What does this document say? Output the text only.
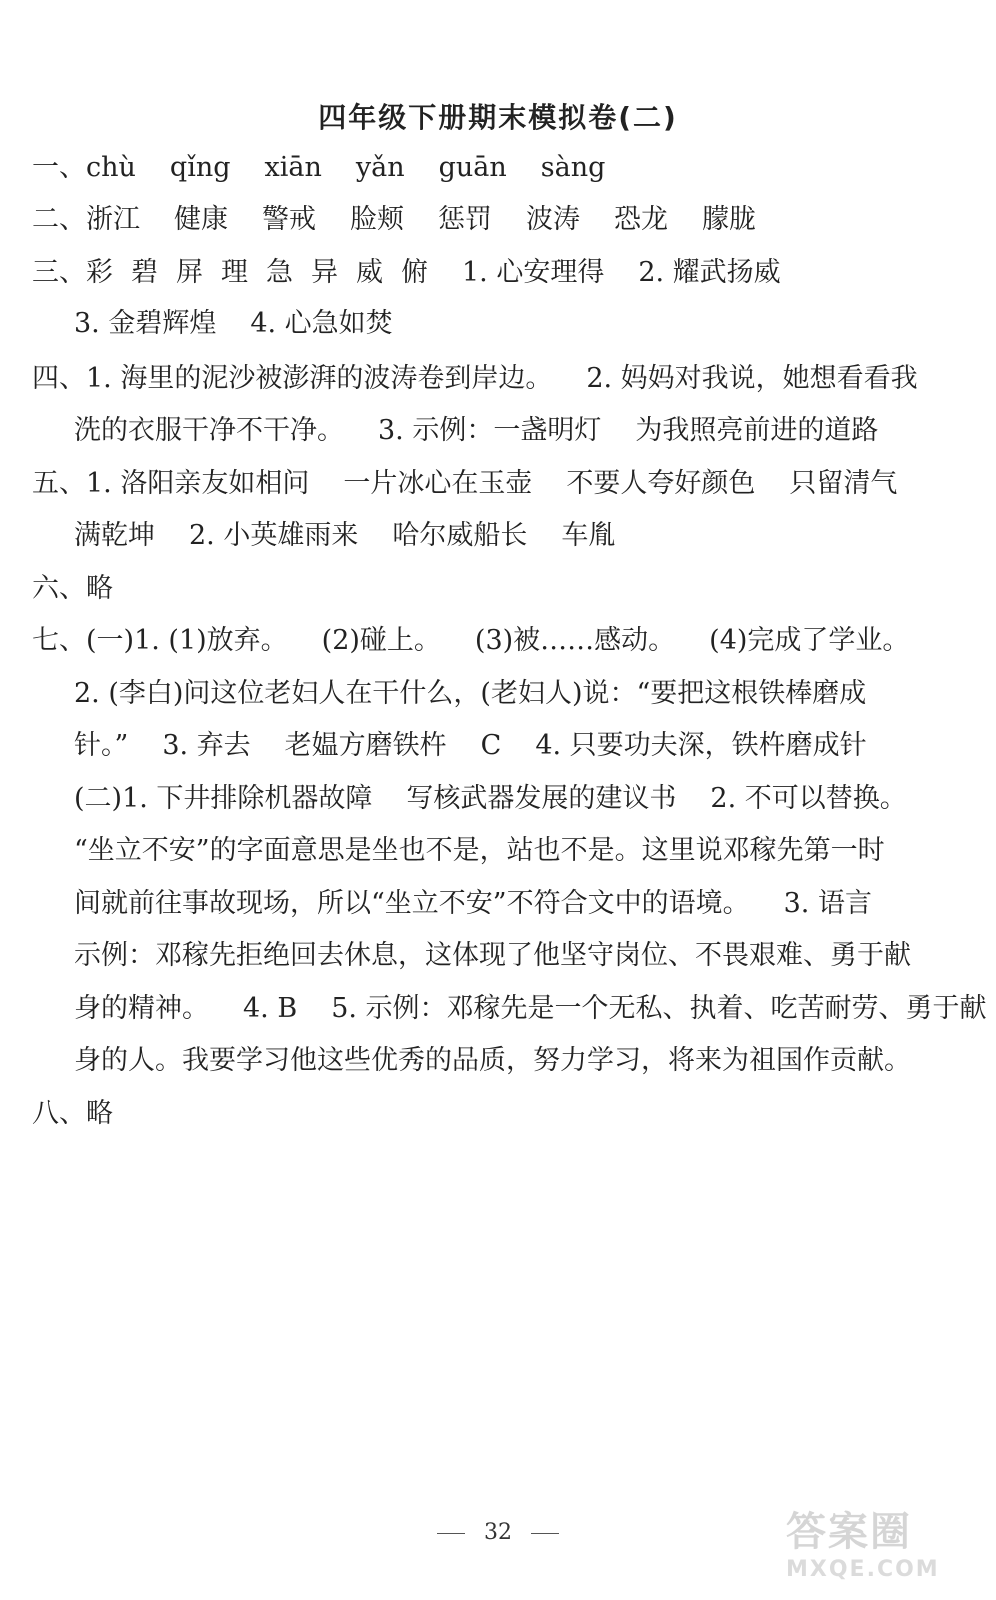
四年级下册期末模拟卷(二)
一、chù qǐng xiān yǎn guān sàng
二、浙江 健康 警戒 脸颊 惩罚 波涛 恐龙 朦胧
三、彩 碧 屏 理 急 异 威 俯 1. 心安理得 2. 耀武扬威
3. 金碧辉煌 4. 心急如焚
四、1. 海里的泥沙被澎湃的波涛卷到岸边。 2. 妈妈对我说，她想看看我
洗的衣服干净不干净。 3. 示例：一盏明灯 为我照亮前进的道路
五、1. 洛阳亲友如相问 一片冰心在玉壶 不要人夸好颜色 只留清气
满乾坤 2. 小英雄雨来 哈尔威船长 车胤
六、略
七、(一)1. (1)放弃。 (2)碰上。 (3)被……感动。 (4)完成了学业。
2. (李白)问这位老妇人在干什么，(老妇人)说：“要把这根铁棒磨成
针。” 3. 弃去 老媪方磨铁杵 C 4. 只要功夫深，铁杵磨成针
(二)1. 下井排除机器故障 写核武器发展的建议书 2. 不可以替换。
“坐立不安”的字面意思是坐也不是，站也不是。这里说邓稼先第一时
间就前往事故现场，所以“坐立不安”不符合文中的语境。 3. 语言
示例：邓稼先拒绝回去休息，这体现了他坚守岗位、不畏艰难、勇于献
身的精神。 4. B 5. 示例：邓稼先是一个无私、执着、吃苦耐劳、勇于献
身的人。我要学习他这些优秀的品质，努力学习，将来为祖国作贡献。
八、略
32	答案圈
MXQE.COM
